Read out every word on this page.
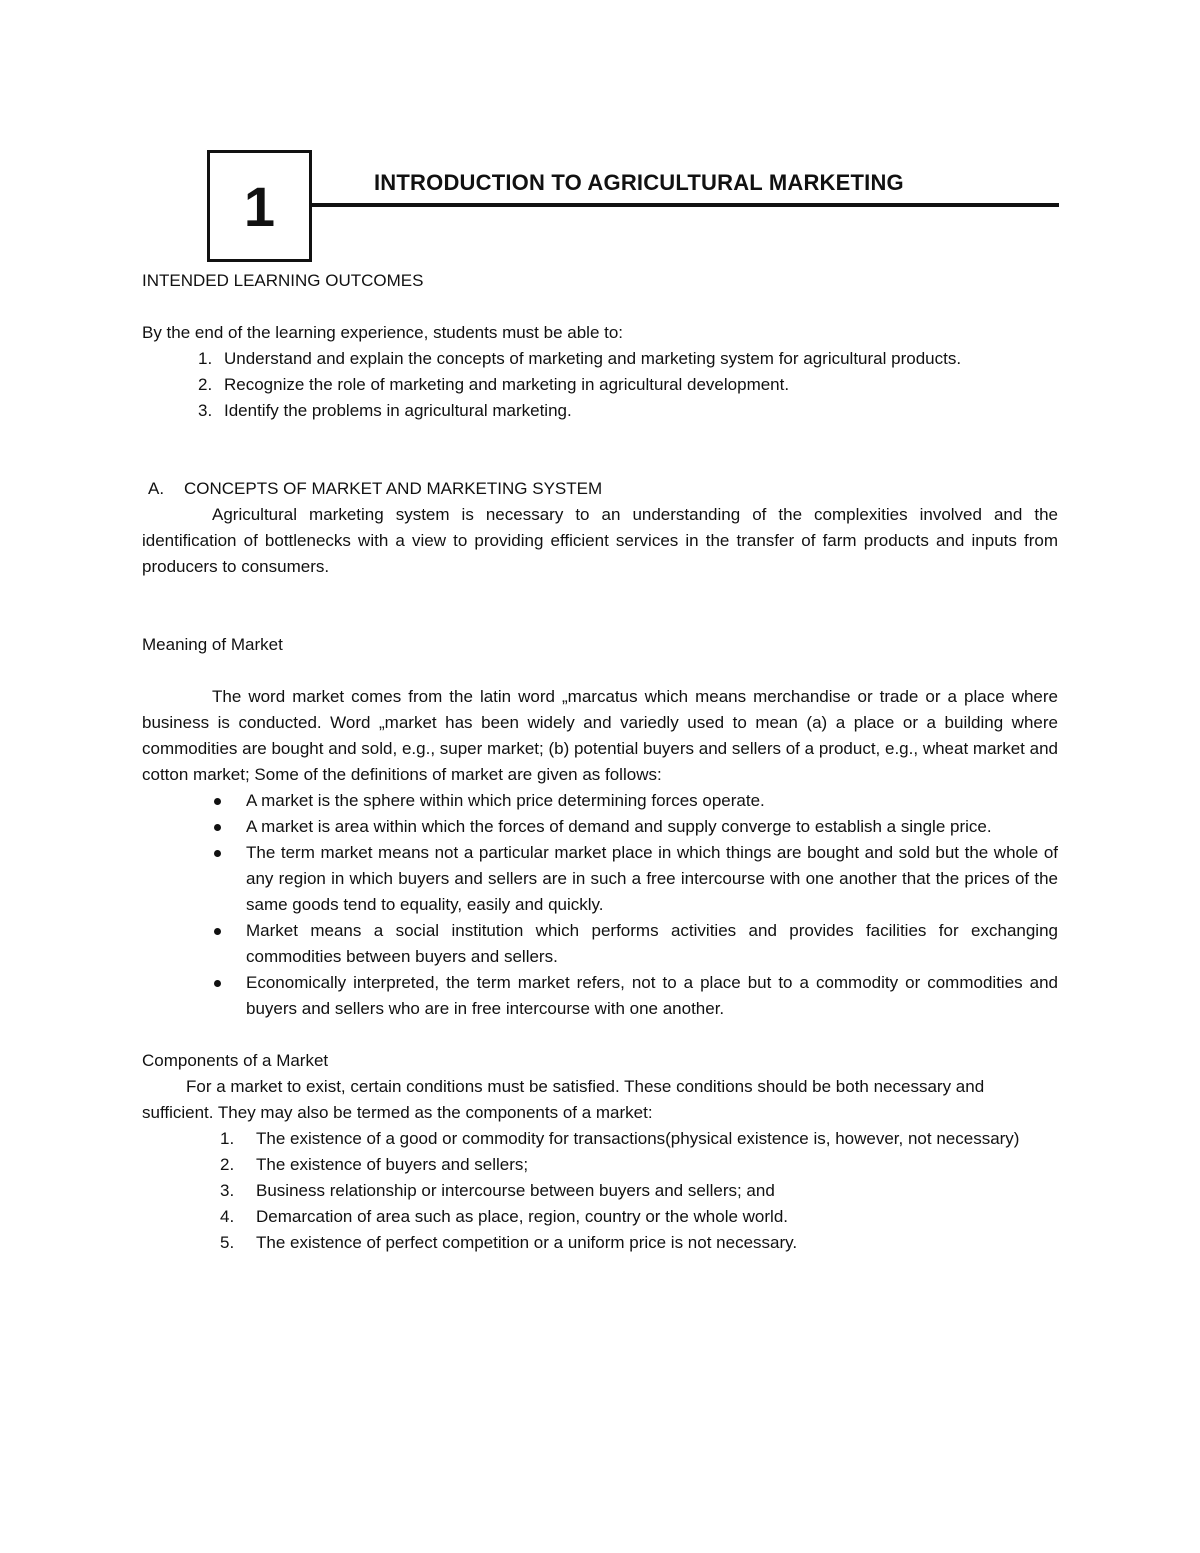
1	INTRODUCTION TO AGRICULTURAL MARKETING

INTENDED LEARNING OUTCOMES

By the end of the learning experience, students must be able to:

1. Understand and explain the concepts of marketing and marketing system for agricultural products.
2. Recognize the role of marketing and marketing in agricultural development.
3. Identify the problems in agricultural marketing.

A. CONCEPTS OF MARKET AND MARKETING SYSTEM

Agricultural marketing system is necessary to an understanding of the complexities involved and the identification of bottlenecks with a view to providing efficient services in the transfer of farm products and inputs from producers to consumers.

Meaning of Market

The word market comes from the latin word „marcatus which means merchandise or trade or a place where business is conducted. Word „market has been widely and variedly used to mean (a) a place or a building where commodities are bought and sold, e.g., super market; (b) potential buyers and sellers of a product, e.g., wheat market and cotton market; Some of the definitions of market are given as follows:

A market is the sphere within which price determining forces operate.
A market is area within which the forces of demand and supply converge to establish a single price.
The term market means not a particular market place in which things are bought and sold but the whole of any region in which buyers and sellers are in such a free intercourse with one another that the prices of the same goods tend to equality, easily and quickly.
Market means a social institution which performs activities and provides facilities for exchanging commodities between buyers and sellers.
Economically interpreted, the term market refers, not to a place but to a commodity or commodities and buyers and sellers who are in free intercourse with one another.

Components of a Market

For a market to exist, certain conditions must be satisfied. These conditions should be both necessary and sufficient. They may also be termed as the components of a market:

1. The existence of a good or commodity for transactions(physical existence is, however, not necessary)
2. The existence of buyers and sellers;
3. Business relationship or intercourse between buyers and sellers; and
4. Demarcation of area such as place, region, country or the whole world.
5. The existence of perfect competition or a uniform price is not necessary.
